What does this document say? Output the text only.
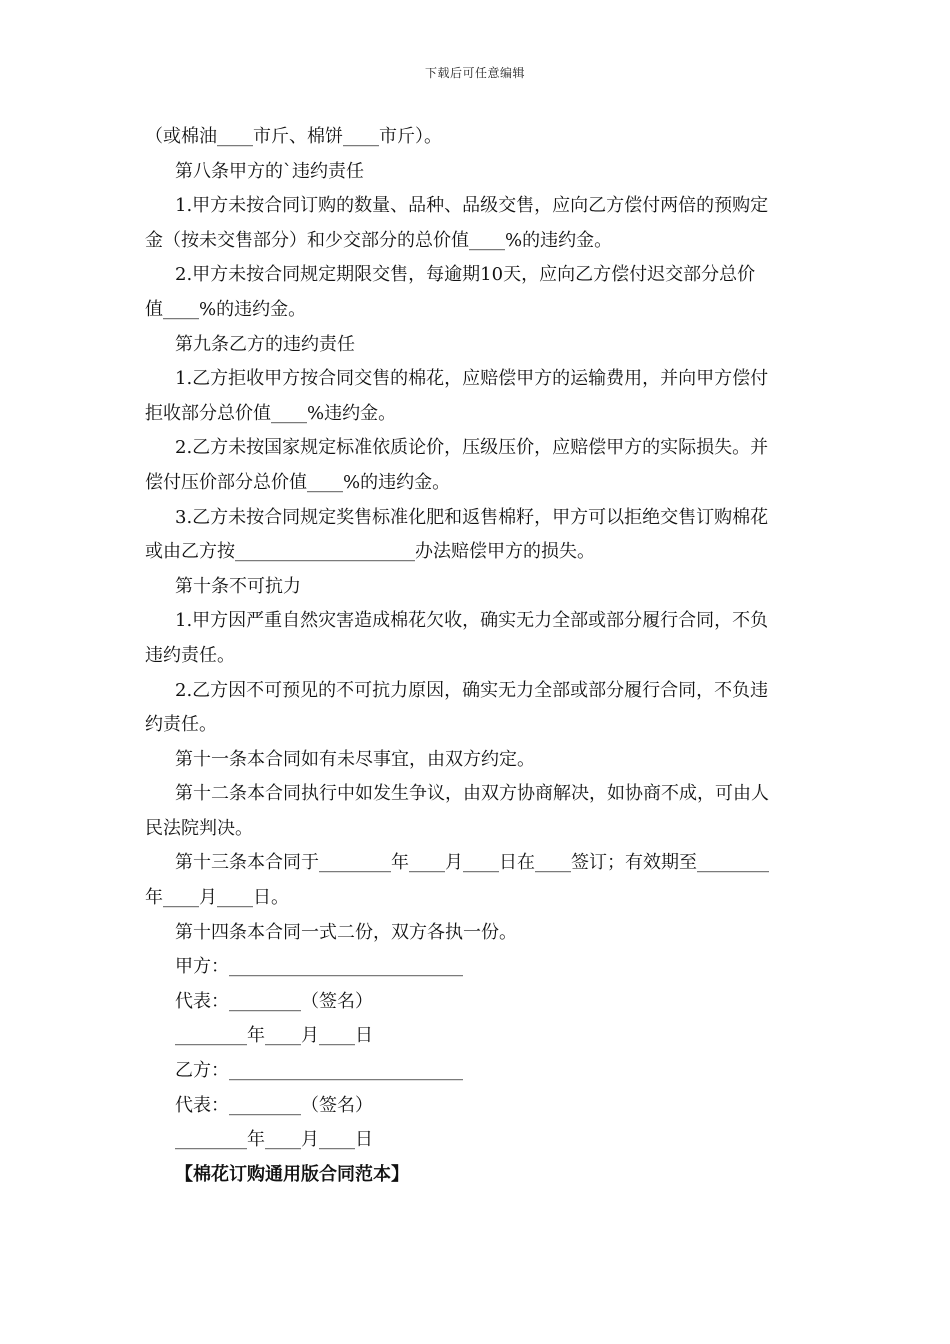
下载后可任意编辑
（或棉油____市斤、棉饼____市斤）。
第八条甲方的`违约责任
1.甲方未按合同订购的数量、品种、品级交售，应向乙方偿付两倍的预购定
金（按未交售部分）和少交部分的总价值____%的违约金。
2.甲方未按合同规定期限交售，每逾期10天，应向乙方偿付迟交部分总价
值____%的违约金。
第九条乙方的违约责任
1.乙方拒收甲方按合同交售的棉花，应赔偿甲方的运输费用，并向甲方偿付
拒收部分总价值____%违约金。
2.乙方未按国家规定标准依质论价，压级压价，应赔偿甲方的实际损失。并
偿付压价部分总价值____%的违约金。
3.乙方未按合同规定奖售标准化肥和返售棉籽，甲方可以拒绝交售订购棉花
或由乙方按____________________办法赔偿甲方的损失。
第十条不可抗力
1.甲方因严重自然灾害造成棉花欠收，确实无力全部或部分履行合同，不负
违约责任。
2.乙方因不可预见的不可抗力原因，确实无力全部或部分履行合同，不负违
约责任。
第十一条本合同如有未尽事宜，由双方约定。
第十二条本合同执行中如发生争议，由双方协商解决，如协商不成，可由人
民法院判决。
第十三条本合同于________年____月____日在____签订；有效期至________
年____月____日。
第十四条本合同一式二份，双方各执一份。
甲方：__________________________
代表：________（签名）
________年____月____日
乙方：__________________________
代表：________（签名）
________年____月____日
【棉花订购通用版合同范本】
